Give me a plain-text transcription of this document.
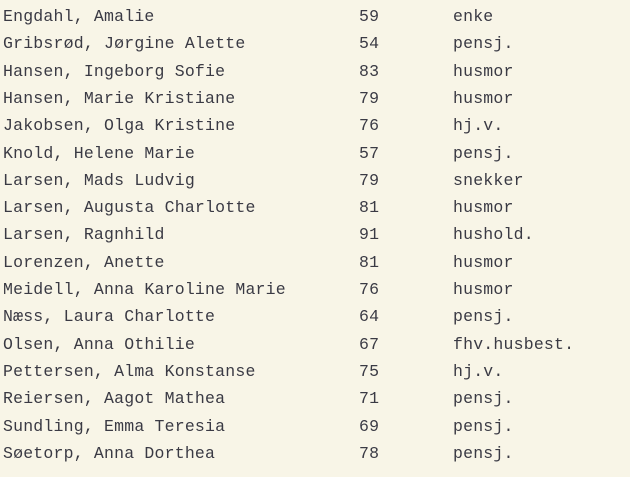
Engdahl, Amalie	59	enke
Gribsrød, Jørgine Alette	54	pensj.
Hansen, Ingeborg Sofie	83	husmor
Hansen, Marie Kristiane	79	husmor
Jakobsen, Olga Kristine	76	hj.v.
Knold, Helene Marie	57	pensj.
Larsen, Mads Ludvig	79	snekker
Larsen, Augusta Charlotte	81	husmor
Larsen, Ragnhild	91	hushold.
Lorenzen, Anette	81	husmor
Meidell, Anna Karoline Marie	76	husmor
Næss, Laura Charlotte	64	pensj.
Olsen, Anna Othilie	67	fhv.husbest.
Pettersen, Alma Konstanse	75	hj.v.
Reiersen, Aagot Mathea	71	pensj.
Sundling, Emma Teresia	69	pensj.
Søetorp, Anna Dorthea	78	pensj.
